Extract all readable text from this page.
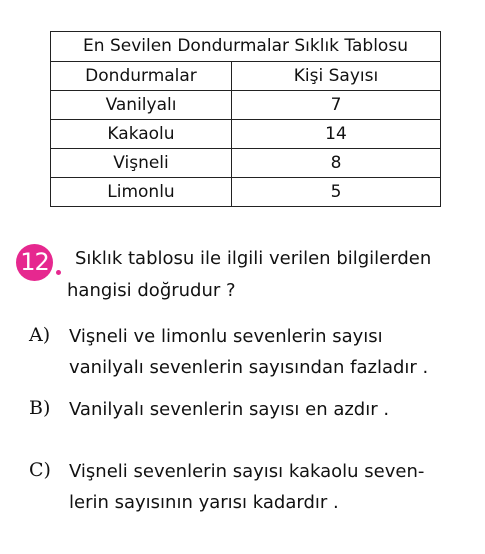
En Sevilen Dondurmalar Sıklık Tablosu	
Dondurmalar	Kişi Sayısı
Vanilyalı	7
Kakaolu	14
Vişneli	8
Limonlu	5
12 Sıklık tablosu ile ilgili verilen bilgilerden
hangisi doğrudur ?
A) Vişneli ve limonlu sevenlerin sayısı
vanilyalı sevenlerin sayısından fazladır .
B) Vanilyalı sevenlerin sayısı en azdır .
C) Vişneli sevenlerin sayısı kakaolu seven-
lerin sayısının yarısı kadardır .
